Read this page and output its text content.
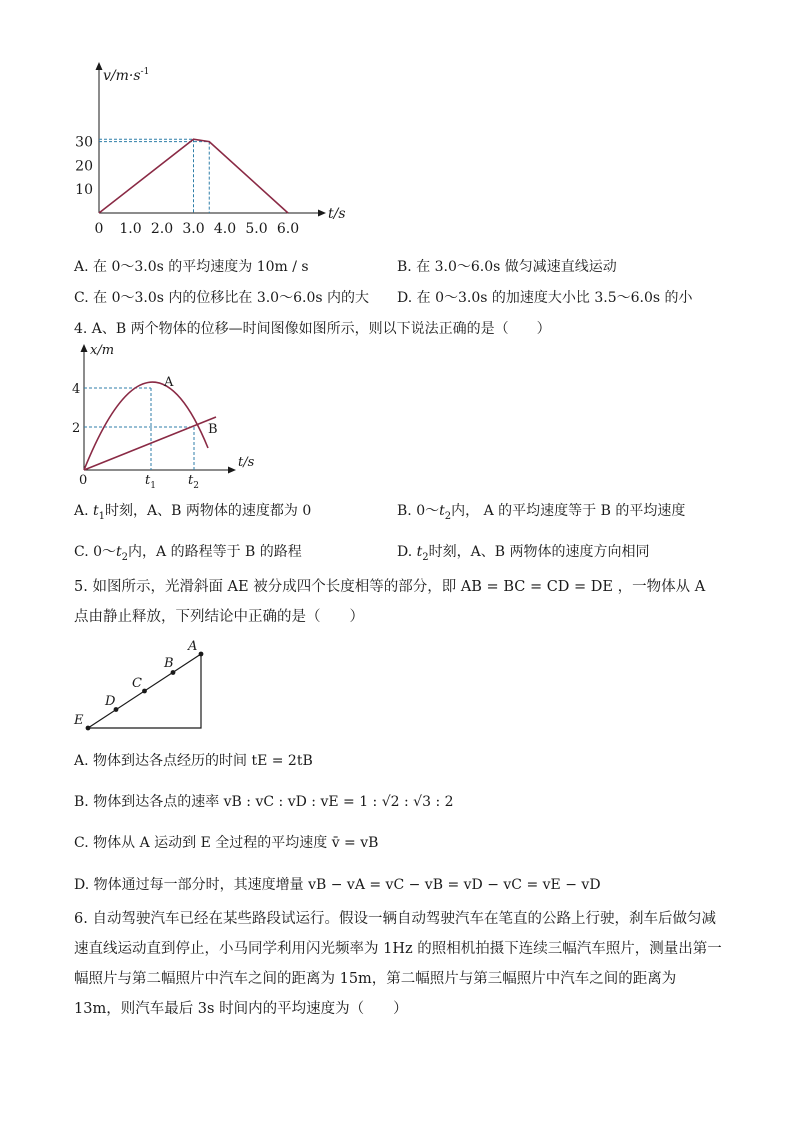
10
20
30
0 1.0 2.0 3.0 4.0 5.0 6.0
$v/m\cdot s^{-1}$
t/s
A. 在 0～3.0s 的平均速度为 10m / s	B. 在 3.0～6.0s 做匀减速直线运动
C. 在 0～3.0s 内的位移比在 3.0～6.0s 内的大 D. 在 0～3.0s 的加速度大小比 3.5～6.0s 的小
4. A、B 两个物体的位移—时间图像如图所示，则以下说法正确的是（　　）
x/m
t/s
4
2
0
A
B
$t_1$ $t_2$
A. $t_1$时刻，A、B 两物体的速度都为 0	B. $0\sim t_2$内， A 的平均速度等于 B 的平均速度
C. $0\sim t_2$内，A 的路程等于 B 的路程	D. $t_2$时刻，A、B 两物体的速度方向相同
5. 如图所示，光滑斜面 AE 被分成四个长度相等的部分，即 AB = BC = CD = DE ，一物体从 A 点由静止释放，下列结论中正确的是（　　）
A
B
C
D
E
A. 物体到达各点经历的时间 tE = 2tB
B. 物体到达各点的速率 vB : vC : vD : vE = 1 : √2 : √3 : 2
C. 物体从 A 运动到 E 全过程的平均速度 v̄ = vB
D. 物体通过每一部分时，其速度增量 vB − vA = vC − vB = vD − vC = vE − vD
6. 自动驾驶汽车已经在某些路段试运行。假设一辆自动驾驶汽车在笔直的公路上行驶，刹车后做匀减速直线运动直到停止，小马同学利用闪光频率为 1Hz 的照相机拍摄下连续三幅汽车照片，测量出第一幅照片与第二幅照片中汽车之间的距离为 15m，第二幅照片与第三幅照片中汽车之间的距离为 13m，则汽车最后 3s 时间内的平均速度为（　　）
